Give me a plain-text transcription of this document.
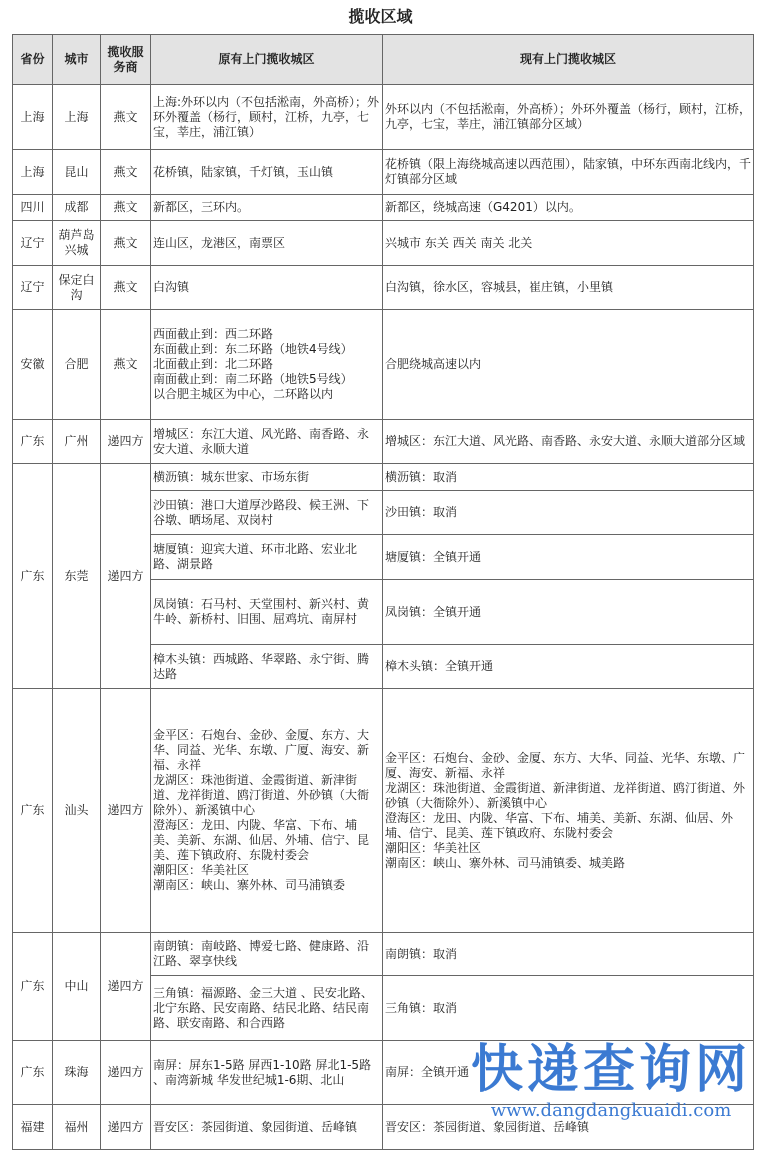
揽收区域
省份	城市	揽收服务商	原有上门揽收城区	现有上门揽收城区
上海	上海	燕文	上海:外环以内（不包括淞南，外高桥）；外环外覆盖（杨行，顾村，江桥，九亭，七宝，莘庄，浦江镇）	外环以内（不包括淞南，外高桥）；外环外覆盖（杨行，顾村，江桥，九亭，七宝，莘庄，浦江镇部分区域）
上海	昆山	燕文	花桥镇，陆家镇，千灯镇，玉山镇	花桥镇（限上海绕城高速以西范围），陆家镇，中环东西南北线内，千灯镇部分区域
四川	成都	燕文	新都区，三环内。	新都区，绕城高速（G4201）以内。
辽宁	葫芦岛兴城	燕文	连山区，龙港区，南票区	兴城市 东关 西关 南关 北关
辽宁	保定白沟	燕文	白沟镇	白沟镇，徐水区，容城县，崔庄镇，小里镇
安徽	合肥	燕文	西面截止到：西二环路
东面截止到：东二环路（地铁4号线）
北面截止到：北二环路
南面截止到：南二环路（地铁5号线）
以合肥主城区为中心，二环路以内	合肥绕城高速以内
广东	广州	递四方	增城区：东江大道、风光路、南香路、永安大道、永顺大道	增城区：东江大道、风光路、南香路、永安大道、永顺大道部分区域
广东	东莞	递四方	横沥镇：城东世家、市场东街	横沥镇：取消
			沙田镇：港口大道厚沙路段、候王洲、下谷墩、晒场尾、双岗村	沙田镇：取消
			塘厦镇：迎宾大道、环市北路、宏业北路、湖景路	塘厦镇：全镇开通
			凤岗镇：石马村、天堂围村、新兴村、黄牛岭、新桥村、旧围、屈鸡坑、南屏村	凤岗镇：全镇开通
			樟木头镇：西城路、华翠路、永宁街、腾达路	樟木头镇：全镇开通
广东	汕头	递四方	金平区：石炮台、金砂、金厦、东方、大华、同益、光华、东墩、广厦、海安、新福、永祥
龙湖区：珠池街道、金霞街道、新津街道、龙祥街道、鸥汀街道、外砂镇（大衙除外）、新溪镇中心
澄海区：龙田、内陇、华富、下布、埔美、美新、东湖、仙居、外埔、信宁、昆美、莲下镇政府、东陇村委会
潮阳区：华美社区
潮南区：峡山、寨外林、司马浦镇委	金平区：石炮台、金砂、金厦、东方、大华、同益、光华、东墩、广厦、海安、新福、永祥
龙湖区：珠池街道、金霞街道、新津街道、龙祥街道、鸥汀街道、外砂镇（大衙除外）、新溪镇中心
澄海区：龙田、内陇、华富、下布、埔美、美新、东湖、仙居、外埔、信宁、昆美、莲下镇政府、东陇村委会
潮阳区：华美社区
潮南区：峡山、寨外林、司马浦镇委、城美路
广东	中山	递四方	南朗镇：南岐路、博爱七路、健康路、沿江路、翠享快线	南朗镇：取消
			三角镇：福源路、金三大道 、民安北路、北宁东路、民安南路、结民北路、结民南路、联安南路、和合西路	三角镇：取消
广东	珠海	递四方	南屏：屏东1-5路 屏西1-10路 屏北1-5路 、南湾新城 华发世纪城1-6期、北山	南屏：全镇开通
福建	福州	递四方	晋安区：茶园街道、象园街道、岳峰镇	晋安区：茶园街道、象园街道、岳峰镇
快递查询网
www.dangdangkuaidi.com
